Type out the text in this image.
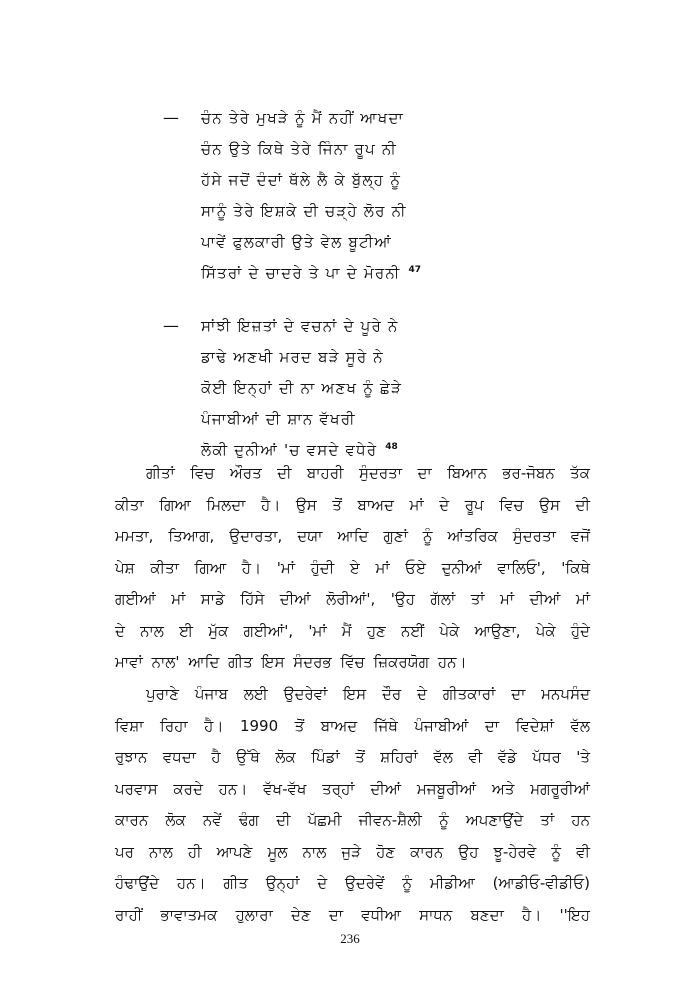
— ਚੰਨ ਤੇਰੇ ਮੁਖੜੇ ਨੂੰ ਮੈਂ ਨਹੀਂ ਆਖਦਾ
ਚੰਨ ਉਤੇ ਕਿਥੇ ਤੇਰੇ ਜਿੰਨਾ ਰੂਪ ਨੀ
ਹੱਸੇ ਜਦੋਂ ਦੰਦਾਂ ਥੱਲੇ ਲੈ ਕੇ ਬੁੱਲ੍ਹ ਨੂੰ
ਸਾਨੂੰ ਤੇਰੇ ਇਸ਼ਕੇ ਦੀ ਚੜ੍ਹੇ ਲੋਰ ਨੀ
ਪਾਵੇਂ ਫੁਲਕਾਰੀ ਉਤੇ ਵੇਲ ਬੂਟੀਆਂ
ਸਿੱਤਰਾਂ ਦੇ ਚਾਦਰੇ ਤੇ ਪਾ ਦੇ ਮੋਰਨੀ $^{47}$
— ਸਾਂਝੀ ਇਜ਼ਤਾਂ ਦੇ ਵਚਨਾਂ ਦੇ ਪੂਰੇ ਨੇ
ਡਾਢੇ ਅਣਖੀ ਮਰਦ ਬੜੇ ਸੂਰੇ ਨੇ
ਕੋਈ ਇਨ੍ਹਾਂ ਦੀ ਨਾ ਅਣਖ ਨੂੰ ਛੇੜੇ
ਪੰਜਾਬੀਆਂ ਦੀ ਸ਼ਾਨ ਵੱਖਰੀ
ਲੋਕੀ ਦੁਨੀਆਂ 'ਚ ਵਸਦੇ ਵਧੇਰੇ $^{48}$
ਗੀਤਾਂ ਵਿਚ ਔਰਤ ਦੀ ਬਾਹਰੀ ਸੁੰਦਰਤਾ ਦਾ ਬਿਆਨ ਭਰ-ਜੋਬਨ ਤੱਕ
ਕੀਤਾ ਗਿਆ ਮਿਲਦਾ ਹੈ। ਉਸ ਤੋਂ ਬਾਅਦ ਮਾਂ ਦੇ ਰੂਪ ਵਿਚ ਉਸ ਦੀ
ਮਮਤਾ, ਤਿਆਗ, ਉਦਾਰਤਾ, ਦਯਾ ਆਦਿ ਗੁਣਾਂ ਨੂੰ ਆਂਤਰਿਕ ਸੁੰਦਰਤਾ ਵਜੋਂ
ਪੇਸ਼ ਕੀਤਾ ਗਿਆ ਹੈ। 'ਮਾਂ ਹੁੰਦੀ ਏ ਮਾਂ ਓਏ ਦੁਨੀਆਂ ਵਾਲਿਓ', 'ਕਿਥੇ
ਗਈਆਂ ਮਾਂ ਸਾਡੇ ਹਿੱਸੇ ਦੀਆਂ ਲੋਰੀਆਂ', 'ਉਹ ਗੱਲਾਂ ਤਾਂ ਮਾਂ ਦੀਆਂ ਮਾਂ
ਦੇ ਨਾਲ ਈ ਮੁੱਕ ਗਈਆਂ', 'ਮਾਂ ਮੈਂ ਹੁਣ ਨਈਂ ਪੇਕੇ ਆਉਣਾ, ਪੇਕੇ ਹੁੰਦੇ
ਮਾਵਾਂ ਨਾਲ' ਆਦਿ ਗੀਤ ਇਸ ਸੰਦਰਭ ਵਿੱਚ ਜ਼ਿਕਰਯੋਗ ਹਨ।
ਪੁਰਾਣੇ ਪੰਜਾਬ ਲਈ ਉਦਰੇਵਾਂ ਇਸ ਦੌਰ ਦੇ ਗੀਤਕਾਰਾਂ ਦਾ ਮਨਪਸੰਦ
ਵਿਸ਼ਾ ਰਿਹਾ ਹੈ। 1990 ਤੋਂ ਬਾਅਦ ਜਿੱਥੇ ਪੰਜਾਬੀਆਂ ਦਾ ਵਿਦੇਸ਼ਾਂ ਵੱਲ
ਰੁਝਾਨ ਵਧਦਾ ਹੈ ਉੱਥੇ ਲੋਕ ਪਿੰਡਾਂ ਤੋਂ ਸ਼ਹਿਰਾਂ ਵੱਲ ਵੀ ਵੱਡੇ ਪੱਧਰ 'ਤੇ
ਪਰਵਾਸ ਕਰਦੇ ਹਨ। ਵੱਖ-ਵੱਖ ਤਰ੍ਹਾਂ ਦੀਆਂ ਮਜਬੂਰੀਆਂ ਅਤੇ ਮਗਰੂਰੀਆਂ
ਕਾਰਨ ਲੋਕ ਨਵੇਂ ਢੰਗ ਦੀ ਪੱਛਮੀ ਜੀਵਨ-ਸ਼ੈਲੀ ਨੂੰ ਅਪਣਾਉਂਦੇ ਤਾਂ ਹਨ
ਪਰ ਨਾਲ ਹੀ ਆਪਣੇ ਮੂਲ ਨਾਲ ਜੁੜੇ ਹੋਣ ਕਾਰਨ ਉਹ ਝੂ-ਹੇਰਵੇ ਨੂੰ ਵੀ
ਹੰਢਾਉਂਦੇ ਹਨ। ਗੀਤ ਉਨ੍ਹਾਂ ਦੇ ਉਦਰੇਵੇਂ ਨੂੰ ਮੀਡੀਆ (ਆਡੀਓ-ਵੀਡੀਓ)
ਰਾਹੀਂ ਭਾਵਾਤਮਕ ਹੁਲਾਰਾ ਦੇਣ ਦਾ ਵਧੀਆ ਸਾਧਨ ਬਣਦਾ ਹੈ। ''ਇਹ
236
